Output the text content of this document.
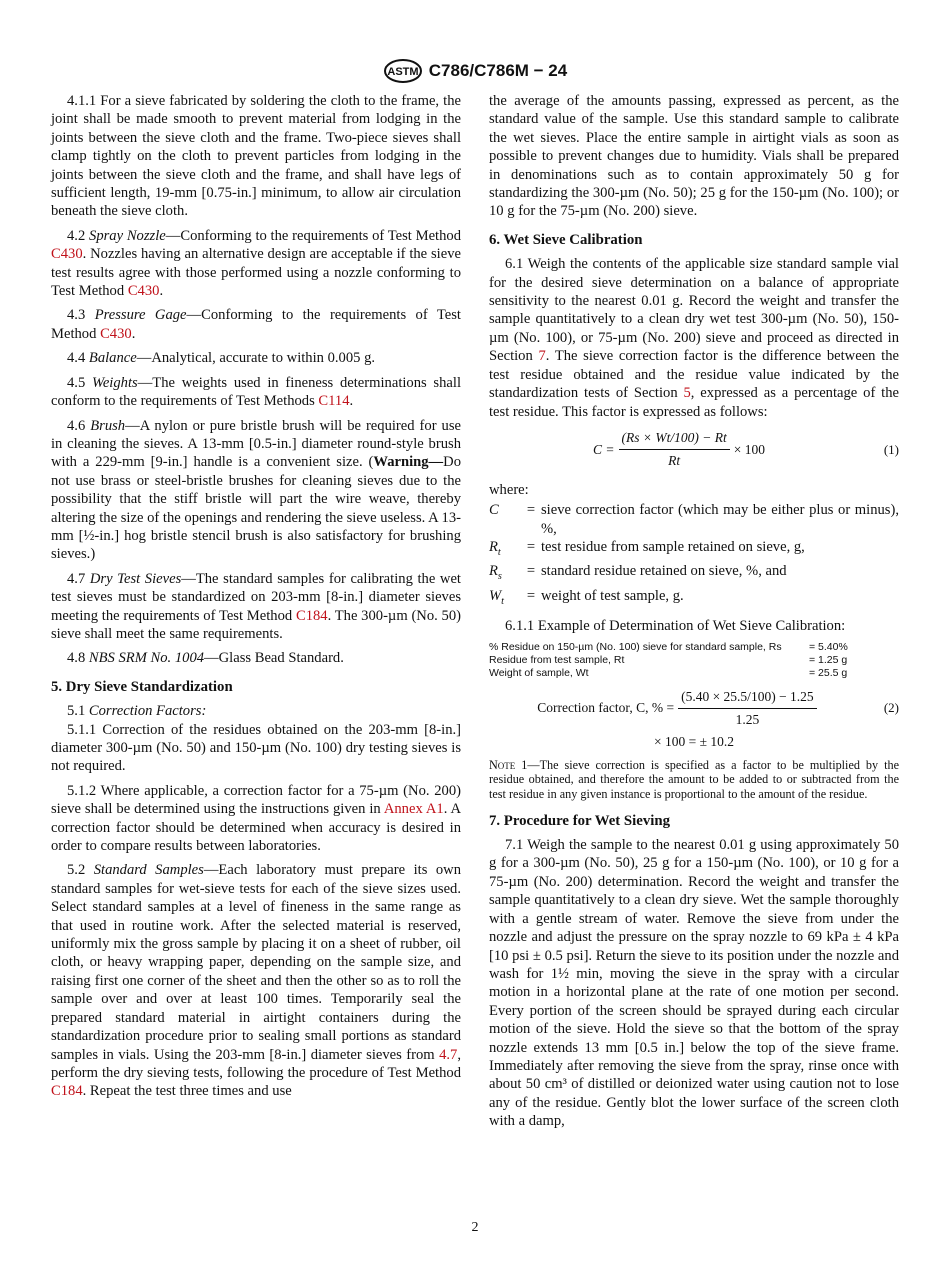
ASTM C786/C786M − 24

4.1.1 For a sieve fabricated by soldering the cloth to the frame, the joint shall be made smooth to prevent material from lodging in the joints between the sieve cloth and the frame. Two-piece sieves shall clamp tightly on the cloth to prevent particles from lodging in the joints between the sieve cloth and the frame, and shall have legs of sufficient length, 19-mm [0.75-in.] minimum, to allow air circulation beneath the sieve cloth.

4.2 Spray Nozzle—Conforming to the requirements of Test Method C430. Nozzles having an alternative design are acceptable if the sieve test results agree with those performed using a nozzle conforming to Test Method C430.

4.3 Pressure Gage—Conforming to the requirements of Test Method C430.

4.4 Balance—Analytical, accurate to within 0.005 g.

4.5 Weights—The weights used in fineness determinations shall conform to the requirements of Test Methods C114.

4.6 Brush—A nylon or pure bristle brush will be required for use in cleaning the sieves. A 13-mm [0.5-in.] diameter round-style brush with a 229-mm [9-in.] handle is a convenient size. (Warning—Do not use brass or steel-bristle brushes for cleaning sieves due to the possibility that the stiff bristle will part the wire weave, thereby altering the size of the openings and rendering the sieve useless. A 13-mm [½-in.] hog bristle stencil brush is also satisfactory for brushing sieves.)

4.7 Dry Test Sieves—The standard samples for calibrating the wet test sieves must be standardized on 203-mm [8-in.] diameter sieves meeting the requirements of Test Method C184. The 300-µm (No. 50) sieve shall meet the same requirements.

4.8 NBS SRM No. 1004—Glass Bead Standard.

5. Dry Sieve Standardization

5.1 Correction Factors:

5.1.1 Correction of the residues obtained on the 203-mm [8-in.] diameter 300-µm (No. 50) and 150-µm (No. 100) dry testing sieves is not required.

5.1.2 Where applicable, a correction factor for a 75-µm (No. 200) sieve shall be determined using the instructions given in Annex A1. A correction factor should be determined when accuracy is desired in order to compare results between laboratories.

5.2 Standard Samples—Each laboratory must prepare its own standard samples for wet-sieve tests for each of the sieve sizes used. Select standard samples at a level of fineness in the same range as that used in routine work. After the selected material is reserved, uniformly mix the gross sample by placing it on a sheet of rubber, oil cloth, or heavy wrapping paper, depending on the sample size, and raising first one corner of the sheet and then the other so as to roll the sample over and over at least 100 times. Temporarily seal the prepared standard material in airtight containers during the standardization procedure prior to sealing small portions as standard samples in vials. Using the 203-mm [8-in.] diameter sieves from 4.7, perform the dry sieving tests, following the procedure of Test Method C184. Repeat the test three times and use

the average of the amounts passing, expressed as percent, as the standard value of the sample. Use this standard sample to calibrate the wet sieves. Place the entire sample in airtight vials as soon as possible to prevent changes due to humidity. Vials shall be prepared in denominations such as to contain approximately 50 g for standardizing the 300-µm (No. 50); 25 g for the 150-µm (No. 100); or 10 g for the 75-µm (No. 200) sieve.

6. Wet Sieve Calibration

6.1 Weigh the contents of the applicable size standard sample vial for the desired sieve determination on a balance of appropriate sensitivity to the nearest 0.01 g. Record the weight and transfer the sample quantitatively to a clean dry wet test 300-µm (No. 50), 150-µm (No. 100), or 75-µm (No. 200) sieve and proceed as directed in Section 7. The sieve correction factor is the difference between the test residue obtained and the residue value indicated by the standardization tests of Section 5, expressed as a percentage of the test residue. This factor is expressed as follows:

$C = \frac{(Rs \times Wt/100) - Rt}{Rt} \times 100$	(1)

where:

C	=	sieve correction factor (which may be either plus or minus), %,
$R_t$	=	test residue from sample retained on sieve, g,
$R_s$	=	standard residue retained on sieve, %, and
$W_t$	=	weight of test sample, g.

6.1.1 Example of Determination of Wet Sieve Calibration:

% Residue on 150-µm (No. 100) sieve for standard sample, Rs	= 5.40%
Residue from test sample, Rt	= 1.25 g
Weight of sample, Wt	= 25.5 g
Correction factor, C, % = $\frac{(5.40 \times 25.5/100) - 1.25}{1.25}$	(2)
× 100 = ± 10.2
Note 1—The sieve correction is specified as a factor to be multiplied by the residue obtained, and therefore the amount to be added to or subtracted from the test residue in any given instance is proportional to the amount of the residue.
7. Procedure for Wet Sieving

7.1 Weigh the sample to the nearest 0.01 g using approximately 50 g for a 300-µm (No. 50), 25 g for a 150-µm (No. 100), or 10 g for a 75-µm (No. 200) determination. Record the weight and transfer the sample quantitatively to a clean dry sieve. Wet the sample thoroughly with a gentle stream of water. Remove the sieve from under the nozzle and adjust the pressure on the spray nozzle to 69 kPa ± 4 kPa [10 psi ± 0.5 psi]. Return the sieve to its position under the nozzle and wash for 1½ min, moving the sieve in the spray with a circular motion in a horizontal plane at the rate of one motion per second. Every portion of the screen should be sprayed during each circular motion of the sieve. Hold the sieve so that the bottom of the spray nozzle extends 13 mm [0.5 in.] below the top of the sieve frame. Immediately after removing the sieve from the spray, rinse once with about 50 cm³ of distilled or deionized water using caution not to lose any of the residue. Gently blot the lower surface of the screen cloth with a damp,

2
